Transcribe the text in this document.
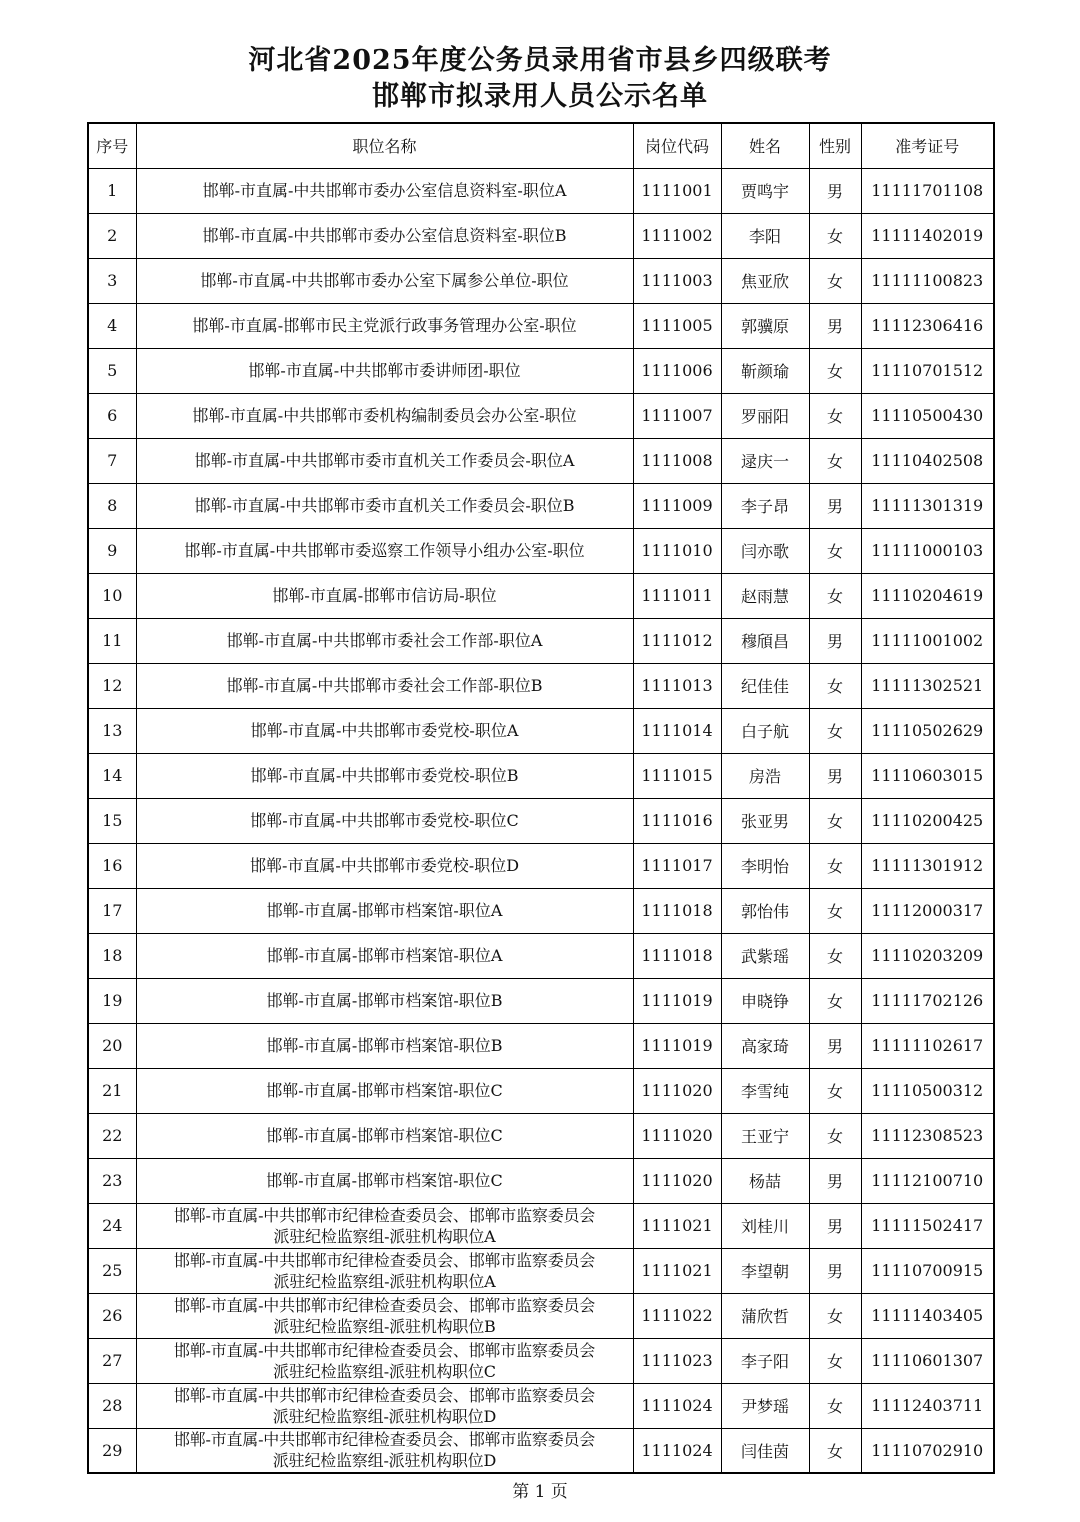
河北省2025年度公务员录用省市县乡四级联考
邯郸市拟录用人员公示名单
序号	职位名称	岗位代码	姓名	性别	准考证号
1	邯郸-市直属-中共邯郸市委办公室信息资料室-职位A	1111001	贾鸣宇	男	11111701108
2	邯郸-市直属-中共邯郸市委办公室信息资料室-职位B	1111002	李阳	女	11111402019
3	邯郸-市直属-中共邯郸市委办公室下属参公单位-职位	1111003	焦亚欣	女	11111100823
4	邯郸-市直属-邯郸市民主党派行政事务管理办公室-职位	1111005	郭骥原	男	11112306416
5	邯郸-市直属-中共邯郸市委讲师团-职位	1111006	靳颜瑜	女	11110701512
6	邯郸-市直属-中共邯郸市委机构编制委员会办公室-职位	1111007	罗丽阳	女	11110500430
7	邯郸-市直属-中共邯郸市委市直机关工作委员会-职位A	1111008	逯庆一	女	11110402508
8	邯郸-市直属-中共邯郸市委市直机关工作委员会-职位B	1111009	李子昂	男	11111301319
9	邯郸-市直属-中共邯郸市委巡察工作领导小组办公室-职位	1111010	闫亦歌	女	11111000103
10	邯郸-市直属-邯郸市信访局-职位	1111011	赵雨慧	女	11110204619
11	邯郸-市直属-中共邯郸市委社会工作部-职位A	1111012	穆頎昌	男	11111001002
12	邯郸-市直属-中共邯郸市委社会工作部-职位B	1111013	纪佳佳	女	11111302521
13	邯郸-市直属-中共邯郸市委党校-职位A	1111014	白子航	女	11110502629
14	邯郸-市直属-中共邯郸市委党校-职位B	1111015	房浩	男	11110603015
15	邯郸-市直属-中共邯郸市委党校-职位C	1111016	张亚男	女	11110200425
16	邯郸-市直属-中共邯郸市委党校-职位D	1111017	李明怡	女	11111301912
17	邯郸-市直属-邯郸市档案馆-职位A	1111018	郭怡伟	女	11112000317
18	邯郸-市直属-邯郸市档案馆-职位A	1111018	武紫瑶	女	11110203209
19	邯郸-市直属-邯郸市档案馆-职位B	1111019	申晓铮	女	11111702126
20	邯郸-市直属-邯郸市档案馆-职位B	1111019	高家琦	男	11111102617
21	邯郸-市直属-邯郸市档案馆-职位C	1111020	李雪纯	女	11110500312
22	邯郸-市直属-邯郸市档案馆-职位C	1111020	王亚宁	女	11112308523
23	邯郸-市直属-邯郸市档案馆-职位C	1111020	杨喆	男	11112100710
24	邯郸-市直属-中共邯郸市纪律检查委员会、邯郸市监察委员会
派驻纪检监察组-派驻机构职位A	1111021	刘桂川	男	11111502417
25	邯郸-市直属-中共邯郸市纪律检查委员会、邯郸市监察委员会
派驻纪检监察组-派驻机构职位A	1111021	李望朝	男	11110700915
26	邯郸-市直属-中共邯郸市纪律检查委员会、邯郸市监察委员会
派驻纪检监察组-派驻机构职位B	1111022	蒲欣哲	女	11111403405
27	邯郸-市直属-中共邯郸市纪律检查委员会、邯郸市监察委员会
派驻纪检监察组-派驻机构职位C	1111023	李子阳	女	11110601307
28	邯郸-市直属-中共邯郸市纪律检查委员会、邯郸市监察委员会
派驻纪检监察组-派驻机构职位D	1111024	尹梦瑶	女	11112403711
29	邯郸-市直属-中共邯郸市纪律检查委员会、邯郸市监察委员会
派驻纪检监察组-派驻机构职位D	1111024	闫佳茵	女	11110702910
第 1 页
